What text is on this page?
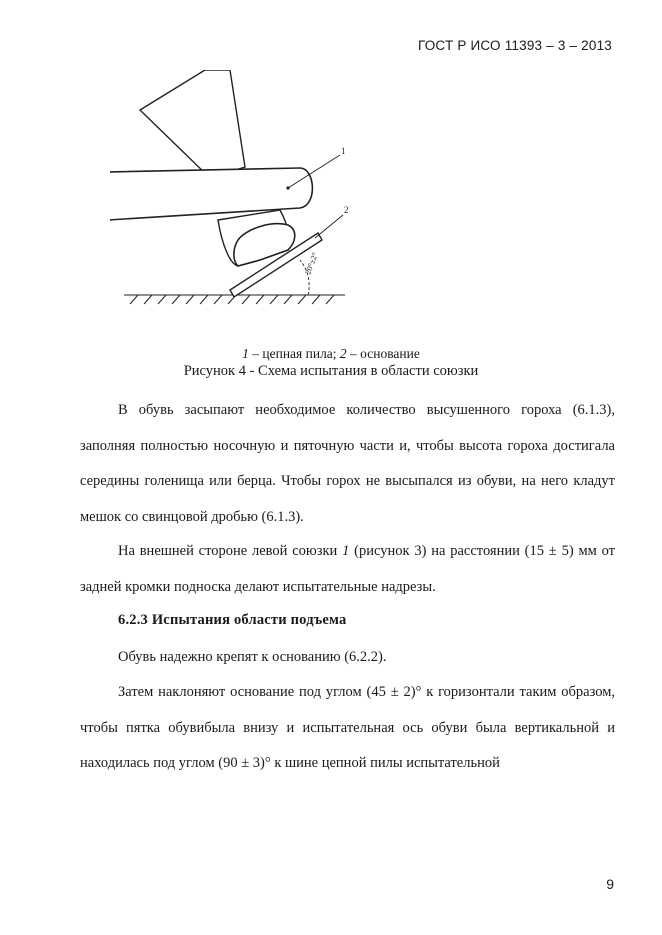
ГОСТ Р ИСО 11393 – 3 – 2013
20°±2°
1
2
1 – цепная пила; 2 – основание
Рисунок 4 - Схема испытания в области союзки

В обувь засыпают необходимое количество высушенного гороха (6.1.3), заполняя полностью носочную и пяточную части и, чтобы высота гороха достигала середины голенища или берца. Чтобы горох не высыпался из обуви, на него кладут мешок со свинцовой дробью (6.1.3).

На внешней стороне левой союзки 1 (рисунок 3) на расстоянии (15 ± 5) мм от задней кромки подноска делают испытательные надрезы.

6.2.3 Испытания области подъема

Обувь надежно крепят к основанию (6.2.2).

Затем наклоняют основание под углом (45 ± 2)° к горизонтали таким образом, чтобы пятка обувибыла внизу и испытательная ось обуви была вертикальной и находилась под углом (90 ± 3)° к шине цепной пилы испытательной

9
